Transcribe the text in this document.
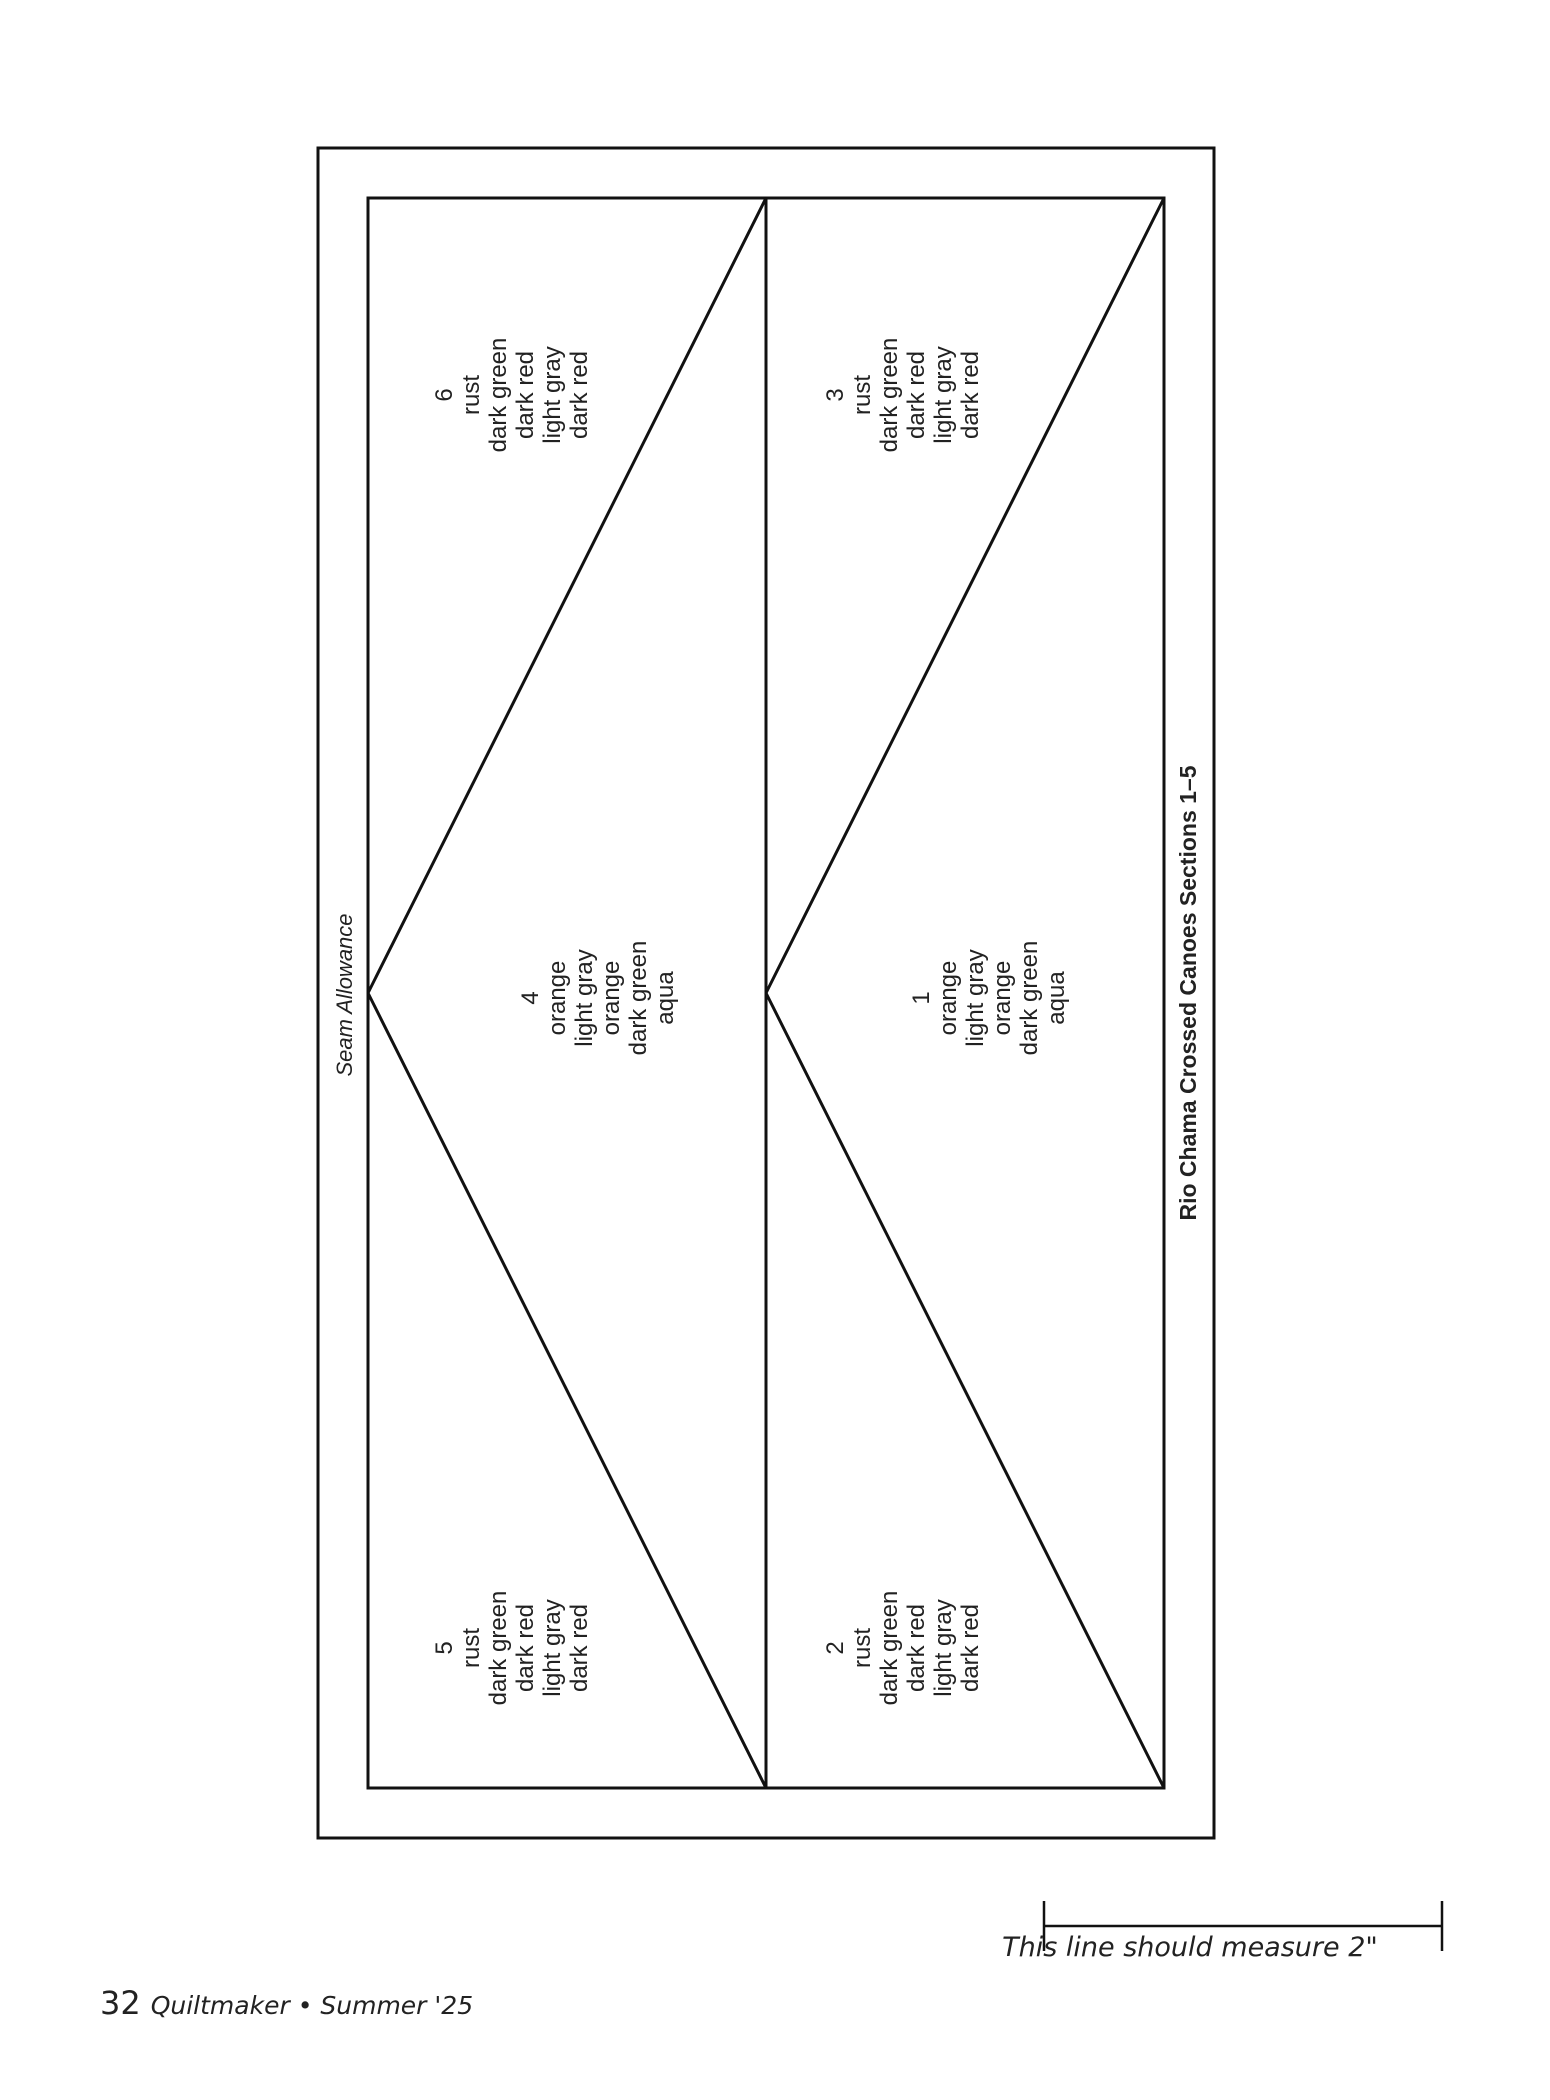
Seam Allowance	Rio Chama Crossed Canoes Sections 1–5
6 rust dark green dark red light gray dark red
4 orange light gray orange dark green aqua
5 rust dark green dark red light gray dark red
3 rust dark green dark red light gray dark red
1 orange light gray orange dark green aqua
2 rust dark green dark red light gray dark red
This line should measure 2"
32 Quiltmaker • Summer '25
